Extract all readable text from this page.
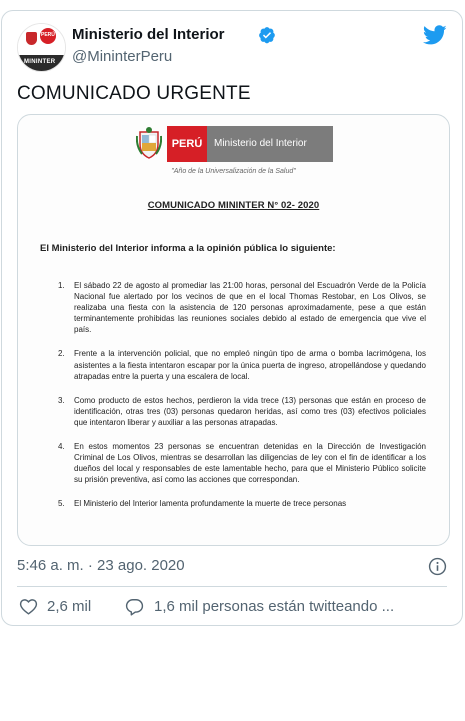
PERÚ
MININTER
Ministerio del Interior
@MininterPeru
COMUNICADO URGENTE
PERÚ	Ministerio del Interior
"Año de la Universalización de la Salud"
COMUNICADO MININTER N° 02- 2020
El Ministerio del Interior informa a la opinión pública lo siguiente:
1. El sábado 22 de agosto al promediar las 21:00 horas, personal del Escuadrón Verde de la Policía Nacional fue alertado por los vecinos de que en el local Thomas Restobar, en Los Olivos, se realizaba una fiesta con la asistencia de 120 personas aproximadamente, pese a que están terminantemente prohibidas las reuniones sociales debido al estado de emergencia que vive el país.
2. Frente a la intervención policial, que no empleó ningún tipo de arma o bomba lacrimógena, los asistentes a la fiesta intentaron escapar por la única puerta de ingreso, atropellándose y quedando atrapadas entre la puerta y una escalera de local.
3. Como producto de estos hechos, perdieron la vida trece (13) personas que están en proceso de identificación, otras tres (03) personas quedaron heridas, así como tres (03) efectivos policiales que intentaron liberar y auxiliar a las personas atrapadas.
4. En estos momentos 23 personas se encuentran detenidas en la Dirección de Investigación Criminal de Los Olivos, mientras se desarrollan las diligencias de ley con el fin de identificar a los dueños del local y responsables de este lamentable hecho, para que el Ministerio Público solicite su prisión preventiva, así como las acciones que correspondan.
5. El Ministerio del Interior lamenta profundamente la muerte de trece personas
5:46 a. m. · 23 ago. 2020
2,6 mil	1,6 mil personas están twitteando ...
